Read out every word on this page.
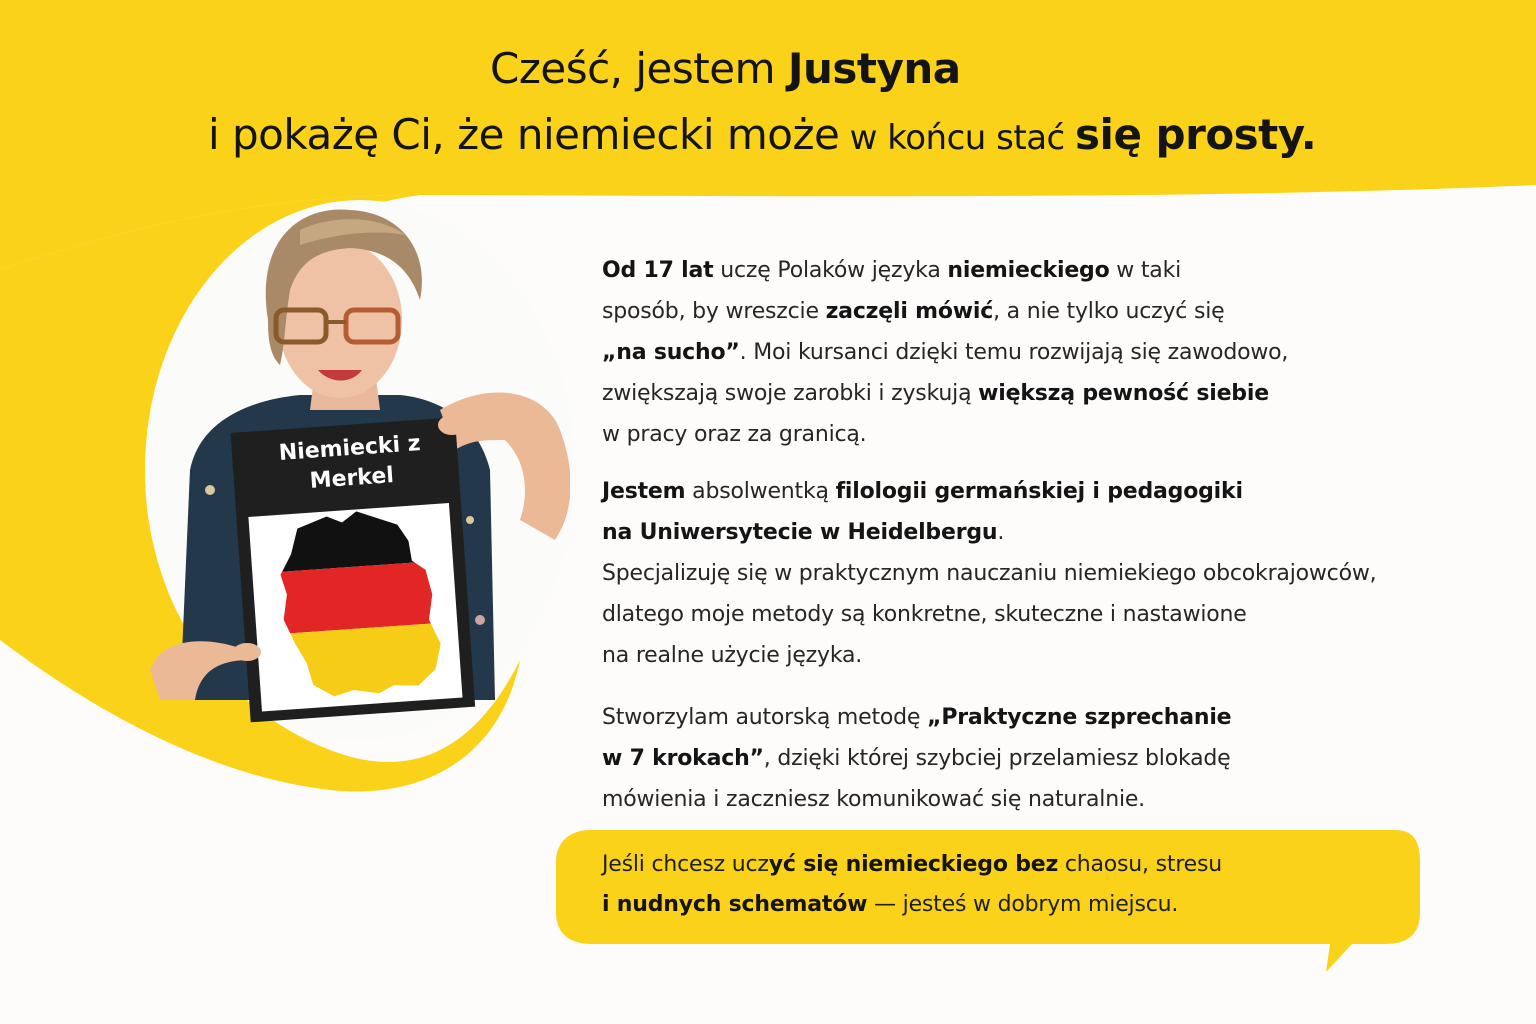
Cześć, jestem Justyna
i pokażę Ci, że niemiecki może w końcu stać się prosty.
Niemiecki z
Merkel

Od 17 lat uczę Polaków języka niemieckiego w taki
sposób, by wreszcie zaczęli mówić, a nie tylko uczyć się
„na sucho”. Moi kursanci dzięki temu rozwijają się zawodowo,
zwiększają swoje zarobki i zyskują większą pewność siebie
w pracy oraz za granicą.

Jestem absolwentką filologii germańskiej i pedagogiki
na Uniwersytecie w Heidelbergu.
Specjalizuję się w praktycznym nauczaniu niemiekiego obcokrajowców,
dlatego moje metody są konkretne, skuteczne i nastawione
na realne użycie języka.

Stworzylam autorską metodę „Praktyczne szprechanie
w 7 krokach”, dzięki której szybciej przelamiesz blokadę
mówienia i zaczniesz komunikować się naturalnie.

Jeśli chcesz uczyć się niemieckiego bez chaosu, stresu
i nudnych schematów — jesteś w dobrym miejscu.
